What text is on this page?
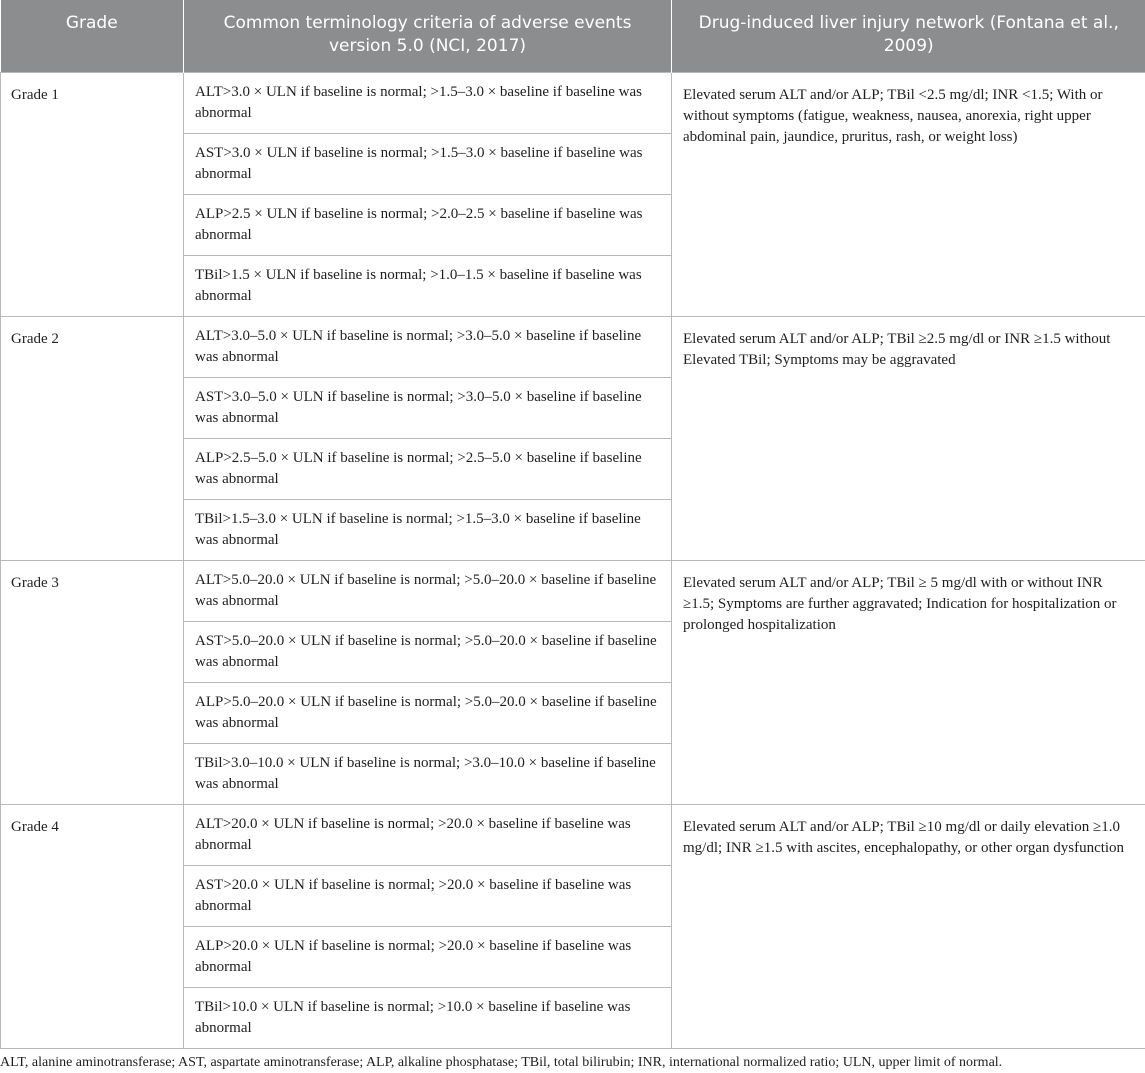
Grade	Common terminology criteria of adverse events version 5.0 (NCI, 2017)	Drug-induced liver injury network (Fontana et al., 2009)
Grade 1	ALT>3.0 × ULN if baseline is normal; >1.5–3.0 × baseline if baseline was abnormal	Elevated serum ALT and/or ALP; TBil <2.5 mg/dl; INR <1.5; With or without symptoms (fatigue, weakness, nausea, anorexia, right upper abdominal pain, jaundice, pruritus, rash, or weight loss)
	AST>3.0 × ULN if baseline is normal; >1.5–3.0 × baseline if baseline was abnormal	
	ALP>2.5 × ULN if baseline is normal; >2.0–2.5 × baseline if baseline was abnormal	
	TBil>1.5 × ULN if baseline is normal; >1.0–1.5 × baseline if baseline was abnormal	
Grade 2	ALT>3.0–5.0 × ULN if baseline is normal; >3.0–5.0 × baseline if baseline was abnormal	Elevated serum ALT and/or ALP; TBil ≥2.5 mg/dl or INR ≥1.5 without Elevated TBil; Symptoms may be aggravated
	AST>3.0–5.0 × ULN if baseline is normal; >3.0–5.0 × baseline if baseline was abnormal	
	ALP>2.5–5.0 × ULN if baseline is normal; >2.5–5.0 × baseline if baseline was abnormal	
	TBil>1.5–3.0 × ULN if baseline is normal; >1.5–3.0 × baseline if baseline was abnormal	
Grade 3	ALT>5.0–20.0 × ULN if baseline is normal; >5.0–20.0 × baseline if baseline was abnormal	Elevated serum ALT and/or ALP; TBil ≥ 5 mg/dl with or without INR ≥1.5; Symptoms are further aggravated; Indication for hospitalization or prolonged hospitalization
	AST>5.0–20.0 × ULN if baseline is normal; >5.0–20.0 × baseline if baseline was abnormal	
	ALP>5.0–20.0 × ULN if baseline is normal; >5.0–20.0 × baseline if baseline was abnormal	
	TBil>3.0–10.0 × ULN if baseline is normal; >3.0–10.0 × baseline if baseline was abnormal	
Grade 4	ALT>20.0 × ULN if baseline is normal; >20.0 × baseline if baseline was abnormal	Elevated serum ALT and/or ALP; TBil ≥10 mg/dl or daily elevation ≥1.0 mg/dl; INR ≥1.5 with ascites, encephalopathy, or other organ dysfunction
	AST>20.0 × ULN if baseline is normal; >20.0 × baseline if baseline was abnormal	
	ALP>20.0 × ULN if baseline is normal; >20.0 × baseline if baseline was abnormal	
	TBil>10.0 × ULN if baseline is normal; >10.0 × baseline if baseline was abnormal	
ALT, alanine aminotransferase; AST, aspartate aminotransferase; ALP, alkaline phosphatase; TBil, total bilirubin; INR, international normalized ratio; ULN, upper limit of normal.
